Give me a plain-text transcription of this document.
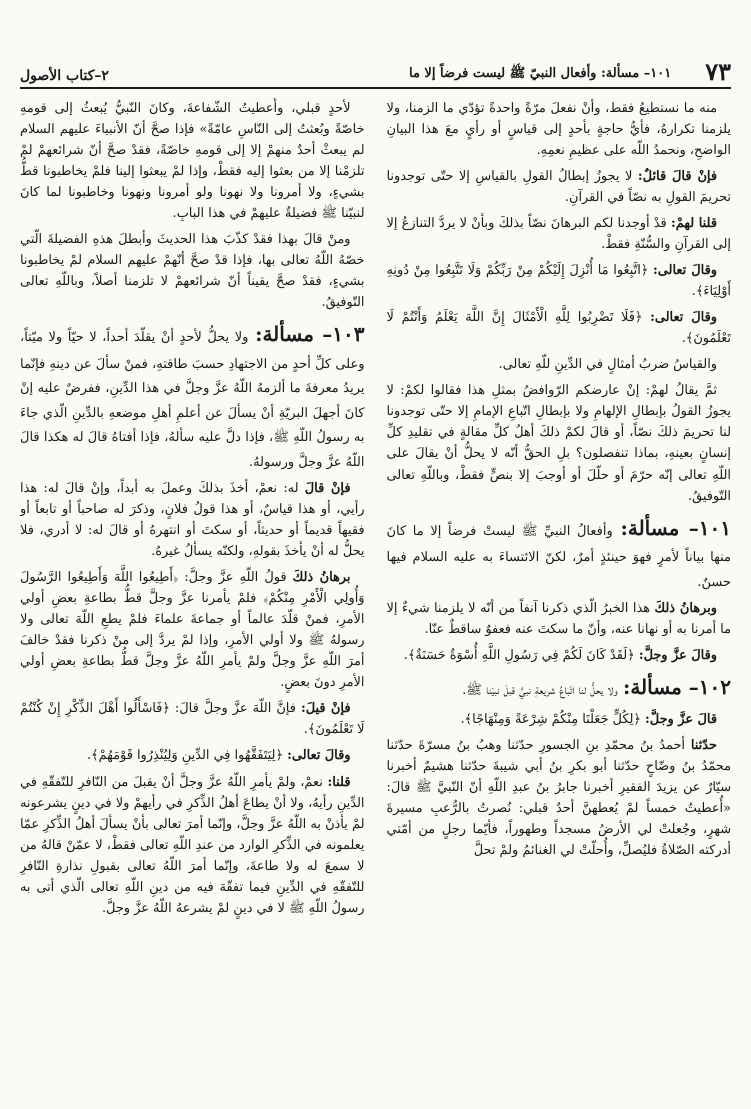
٧٣
١٠١– مسألة: وأفعال النبيّ ﷺ ليست فرضاً إلا ما
٢–كتاب الأصول

منه ما نستطيعُ فقط، وأنْ نفعلَ مرّةً واحدةً تؤدّي ما الزمنا، ولا يلزمنا تكرارهُ، فأيُّ حاجةٍ بأحدٍ إلى قياسٍ أو رأيٍ معَ هذا البيانِ الواضحِ، ونحمدُ اللّه على عظيمِ نعمِهِ.

فإنْ قالَ قائلٌ: لا يجوزُ إبطالُ القولِ بالقياسِ إلا حتّى توجدونا تحريمَ القولِ به نصّاً في القرآنِ.

قلنا لهمْ: قدْ أوجدنا لكم البرهانَ نصّاً بذلكَ وبأنْ لا يردَّ التنازعُ إلا إلى القرآنِ والسُّنّةِ فقطْ.

وقالَ تعالى: ﴿اتَّبِعُوا مَا أُنْزِلَ إِلَيْكُمْ مِنْ رَبِّكُمْ وَلَا تَتَّبِعُوا مِنْ دُونِهِ أَوْلِيَاءَ﴾.

وقالَ تعالى: ﴿فَلَا تَضْرِبُوا لِلَّهِ الْأَمْثَالَ إِنَّ اللَّهَ يَعْلَمُ وَأَنْتُمْ لَا تَعْلَمُونَ﴾.

والقياسُ ضربُ أمثالٍ في الدِّينِ للّهِ تعالى.

ثمَّ يقالُ لهمْ: إنْ عارضكم الرّوافضُ بمثلِ هذا فقالوا لكمْ: لا يجوزُ القولُ بإبطالِ الإلهامِ ولا بإبطالِ اتّباعِ الإمامِ إلا حتّى توجدونا لنا تحريمَ ذلكَ نصّاً، أو قالَ لكمْ ذلكَ أهلُ كلِّ مقالةٍ في تقليدِ كلِّ إنسانٍ بعينهِ، بماذا تنفصلون؟ بلِ الحقُّ أنّه لا يحلُّ أنْ يقالَ على اللّهِ تعالى إنّه حرّمَ أو حلّلَ أو أوجبَ إلا بنصٍّ فقطْ، وباللّهِ تعالى التّوفيقُ.

١٠١– مسألة: وأفعالُ النبيِّ ﷺ ليستْ فرضاً إلا ما كانَ منها بياناً لأمرٍ فهوَ حينئذٍ أمرٌ، لكنّ الائتساءَ به عليه السلام فيها حسنٌ.

وبرهانُ ذلكَ هذا الخبرُ الّذي ذكرنا آنفاً من أنّه لا يلزمنا شيءٌ إلا ما أمرنا به أو نهانا عنه، وأنّ ما سكتَ عنه فعفوٌ ساقطٌ عنّا.

وقالَ عزَّ وجلَّ: ﴿لَقَدْ كَانَ لَكُمْ فِي رَسُولِ اللَّهِ أُسْوَةٌ حَسَنَةٌ﴾.

١٠٢– مسألة: ولا يحلُّ لنا اتّباعُ شريعةِ نبيٍّ قبلَ نبيّنا ﷺ.

قالَ عزَّ وجلَّ: ﴿لِكُلٍّ جَعَلْنَا مِنْكُمْ شِرْعَةً وَمِنْهَاجًا﴾.

حدّثنا أحمدُ بنُ محمّدِ بنِ الجسورِ حدّثنا وهبُ بنُ مسرّةَ حدّثنا محمّدُ بنُ وضّاحٍ حدّثنا أبو بكرِ بنُ أبي شيبةَ حدّثنا هشيمٌ أخبرنا سيّارٌ عن يزيدَ الفقيرِ أخبرنا جابرُ بنُ عبدِ اللّهِ أنّ النّبيَّ ﷺ قالَ: «أُعطيتُ خمساً لمْ يُعطهنَّ أحدٌ قبلي: نُصرتُ بالرُّعبِ مسيرةَ شهرٍ، وجُعلتْ لي الأرضُ مسجداً وطهوراً، فأيّما رجلٍ من أمّتي أدركته الصّلاةُ فليُصلِّ، وأُحلّتْ لي الغنائمُ ولمْ تحلَّ

لأحدٍ قبلي، وأُعطيتُ الشّفاعةَ، وكانَ النّبيُّ يُبعثُ إلى قومهِ خاصّةً وبُعثتُ إلى النّاسِ عامّةً» فإذا صحَّ أنّ الأنبياءَ عليهم السلام لم يبعثْ أحدٌ منهمْ إلا إلى قومهِ خاصّةً، فقدْ صحَّ أنّ شرائعهمْ لمْ تلزمْنا إلا من بعثوا إليه فقطْ، وإذا لمْ يبعثوا إلينا فلمْ يخاطبونا قطُّ بشيءٍ، ولا أمرونا ولا نهونا ولو أمرونا ونهونا وخاطبونا لما كانَ لنبيّنا ﷺ فضيلةٌ عليهمْ في هذا البابِ.

ومنْ قالَ بهذا فقدْ كذّبَ هذا الحديثَ وأبطلَ هذهِ الفضيلةَ الّتي خصّهُ اللّهُ تعالى بها، فإذا قدْ صحَّ أنّهمْ عليهم السلام لمْ يخاطبونا بشيءٍ، فقدْ صحَّ يقيناً أنّ شرائعهمْ لا تلزمنا أصلاً، وباللّهِ تعالى التّوفيقُ.

١٠٣– مسألة: ولا يحلُّ لأحدٍ أنْ يقلّدَ أحداً، لا حيّاً ولا ميّتاً، وعلى كلِّ أحدٍ من الاجتهادِ حسبَ طاقتهِ، فمنْ سألَ عن دينهِ فإنّما يريدُ معرفةَ ما ألزمهُ اللّهُ عزَّ وجلَّ في هذا الدِّينِ، ففرضٌ عليه إنْ كانَ أجهلَ البريّةِ أنْ يسألَ عن أعلمِ أهلِ موضعهِ بالدِّينِ الّذي جاءَ به رسولُ اللّهِ ﷺ، فإذا دلَّ عليه سألهُ، فإذا أفتاهُ قالَ له هكذا قالَ اللّهُ عزَّ وجلَّ ورسولهُ.

فإنْ قالَ له: نعمْ، أخذَ بذلكَ وعملَ به أبداً، وإنْ قالَ له: هذا رأيي، أو هذا قياسٌ، أو هذا قولُ فلانٍ، وذكرَ له صاحباً أو تابعاً أو فقيهاً قديماً أو حديثاً، أو سكتَ أو انتهرهُ أو قالَ له: لا أدري، فلا يحلُّ له أنْ يأخذَ بقولهِ، ولكنّه يسألُ غيرهُ.

برهانُ ذلكَ قولُ اللّهِ عزَّ وجلَّ: ﴿أَطِيعُوا اللَّهَ وَأَطِيعُوا الرَّسُولَ وَأُولِي الْأَمْرِ مِنْكُمْ﴾ فلمْ يأمرنا عزَّ وجلَّ قطُّ بطاعةِ بعضِ أولي الأمرِ، فمنْ قلّدَ عالماً أو جماعةَ علماءَ فلمْ يطعِ اللّهَ تعالى ولا رسولهُ ﷺ ولا أولي الأمرِ، وإذا لمْ يردَّ إلى منْ ذكرنا فقدْ خالفَ أمرَ اللّهِ عزَّ وجلَّ ولمْ يأمرِ اللّهُ عزَّ وجلَّ قطُّ بطاعةِ بعضِ أولي الأمرِ دونَ بعضٍ.

فإنْ قيلَ: فإنَّ اللّهَ عزَّ وجلَّ قالَ: ﴿فَاسْأَلُوا أَهْلَ الذِّكْرِ إِنْ كُنْتُمْ لَا تَعْلَمُونَ﴾.

وقالَ تعالى: ﴿لِيَتَفَقَّهُوا فِي الدِّينِ وَلِيُنْذِرُوا قَوْمَهُمْ﴾.

قلنا: نعمْ، ولمْ يأمرِ اللّهُ عزَّ وجلَّ أنْ يقبلَ من النّافرِ للتّفقّهِ في الدِّينِ رأيهُ، ولا أنْ يطاعَ أهلُ الذِّكرِ في رأيهمْ ولا في دينٍ يشرعونه لمْ يأذنْ به اللّهُ عزَّ وجلَّ، وإنّما أمرَ تعالى بأنْ يسألَ أهلُ الذِّكرِ عمّا يعلمونه في الذِّكرِ الوارد من عندِ اللّهِ تعالى فقطْ، لا عمّنْ قالهُ من لا سمعَ له ولا طاعةَ، وإنّما أمرَ اللّهُ تعالى بقبولِ نذارةِ النّافرِ للتّفقّهِ في الدِّينِ فيما تفقّهَ فيه من دينِ اللّهِ تعالى الّذي أتى به رسولُ اللّهِ ﷺ لا في دينٍ لمْ يشرعهُ اللّهُ عزَّ وجلَّ.
